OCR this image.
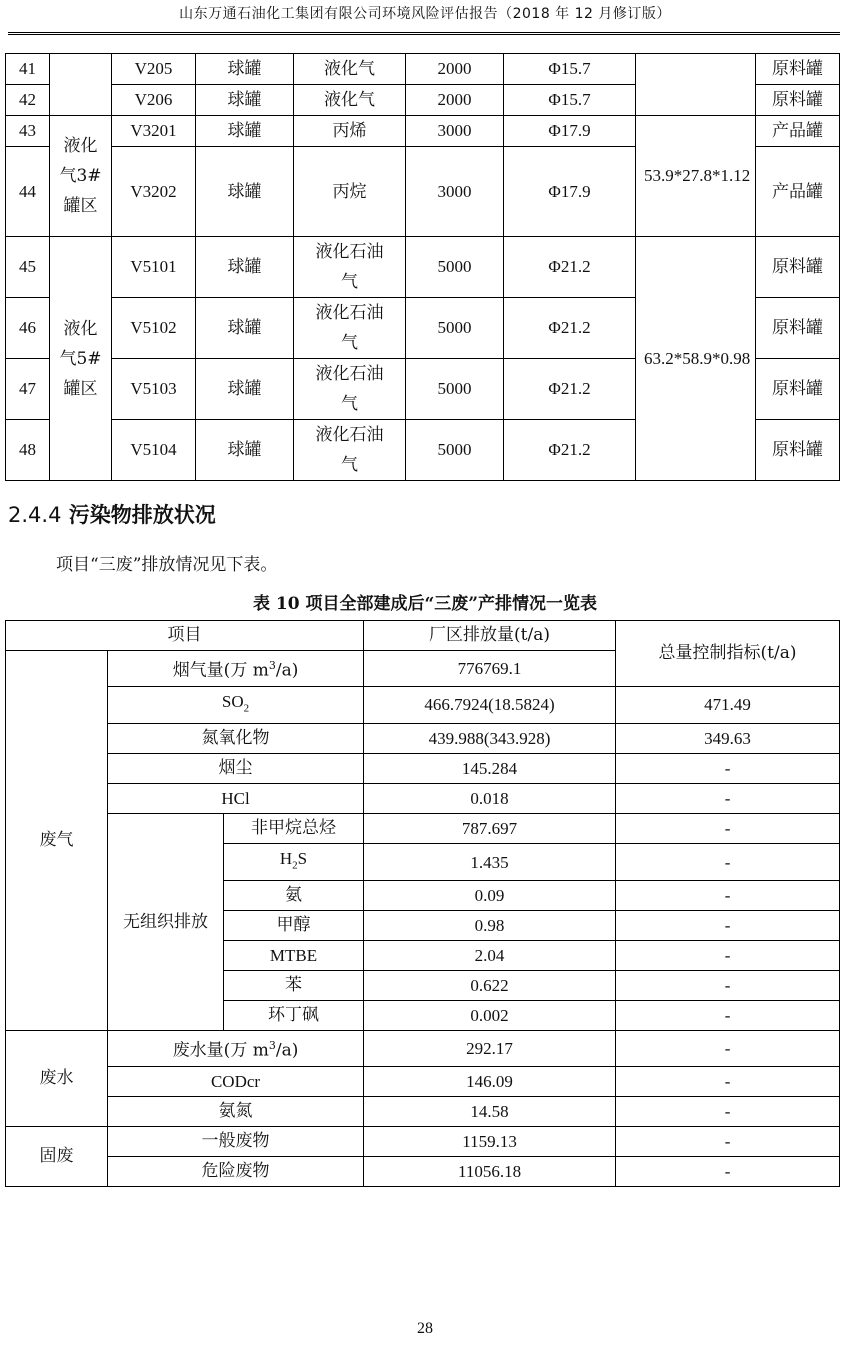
山东万通石油化工集团有限公司环境风险评估报告（2018 年 12 月修订版）
41		V205	球罐	液化气	2000	Φ15.7		原料罐
42		V206	球罐	液化气	2000	Φ15.7		原料罐
43	液化气3#罐区	V3201	球罐	丙烯	3000	Φ17.9	53.9*27.8*1.12	产品罐
44		V3202	球罐	丙烷	3000	Φ17.9		产品罐
45	液化气5#罐区	V5101	球罐	液化石油气	5000	Φ21.2	63.2*58.9*0.98	原料罐
46		V5102	球罐	液化石油气	5000	Φ21.2		原料罐
47		V5103	球罐	液化石油气	5000	Φ21.2		原料罐
48		V5104	球罐	液化石油气	5000	Φ21.2		原料罐
2.4.4 污染物排放状况
项目“三废”排放情况见下表。
表 10 项目全部建成后“三废”产排情况一览表
项目			厂区排放量(t/a)	总量控制指标(t/a)
废气	烟气量(万 $m^3/a$)		776769.1	
	$SO_2$		466.7924(18.5824)	471.49
	氮氧化物		439.988(343.928)	349.63
	烟尘		145.284	-
	HCl		0.018	-
	无组织排放	非甲烷总烃	787.697	-
		$H_2S$	1.435	-
		氨	0.09	-
		甲醇	0.98	-
		MTBE	2.04	-
		苯	0.622	-
		环丁砜	0.002	-
废水	废水量(万 $m^3/a$)		292.17	-
	CODcr		146.09	-
	氨氮		14.58	-
固废	一般废物		1159.13	-
	危险废物		11056.18	-
28
